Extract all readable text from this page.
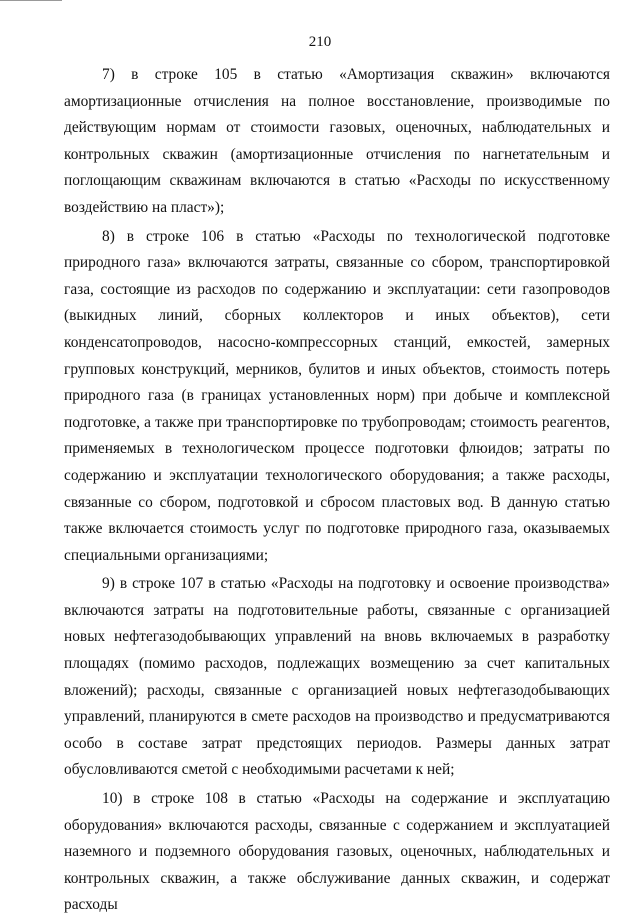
210

7) в строке 105 в статью «Амортизация скважин» включаются амортизационные отчисления на полное восстановление, производимые по действующим нормам от стоимости газовых, оценочных, наблюдательных и контрольных скважин (амортизационные отчисления по нагнетательным и поглощающим скважинам включаются в статью «Расходы по искусственному воздействию на пласт»);

8) в строке 106 в статью «Расходы по технологической подготовке природного газа» включаются затраты, связанные со сбором, транспортировкой газа, состоящие из расходов по содержанию и эксплуатации: сети газопроводов (выкидных линий, сборных коллекторов и иных объектов), сети конденсатопроводов, насосно-компрессорных станций, емкостей, замерных групповых конструкций, мерников, булитов и иных объектов, стоимость потерь природного газа (в границах установленных норм) при добыче и комплексной подготовке, а также при транспортировке по трубопроводам; стоимость реагентов, применяемых в технологическом процессе подготовки флюидов; затраты по содержанию и эксплуатации технологического оборудования; а также расходы, связанные со сбором, подготовкой и сбросом пластовых вод. В данную статью также включается стоимость услуг по подготовке природного газа, оказываемых специальными организациями;

9) в строке 107 в статью «Расходы на подготовку и освоение производства» включаются затраты на подготовительные работы, связанные с организацией новых нефтегазодобывающих управлений на вновь включаемых в разработку площадях (помимо расходов, подлежащих возмещению за счет капитальных вложений); расходы, связанные с организацией новых нефтегазодобывающих управлений, планируются в смете расходов на производство и предусматриваются особо в составе затрат предстоящих периодов. Размеры данных затрат обусловливаются сметой с необходимыми расчетами к ней;

10) в строке 108 в статью «Расходы на содержание и эксплуатацию оборудования» включаются расходы, связанные с содержанием и эксплуатацией наземного и подземного оборудования газовых, оценочных, наблюдательных и контрольных скважин, а также обслуживание данных скважин, и содержат расходы
